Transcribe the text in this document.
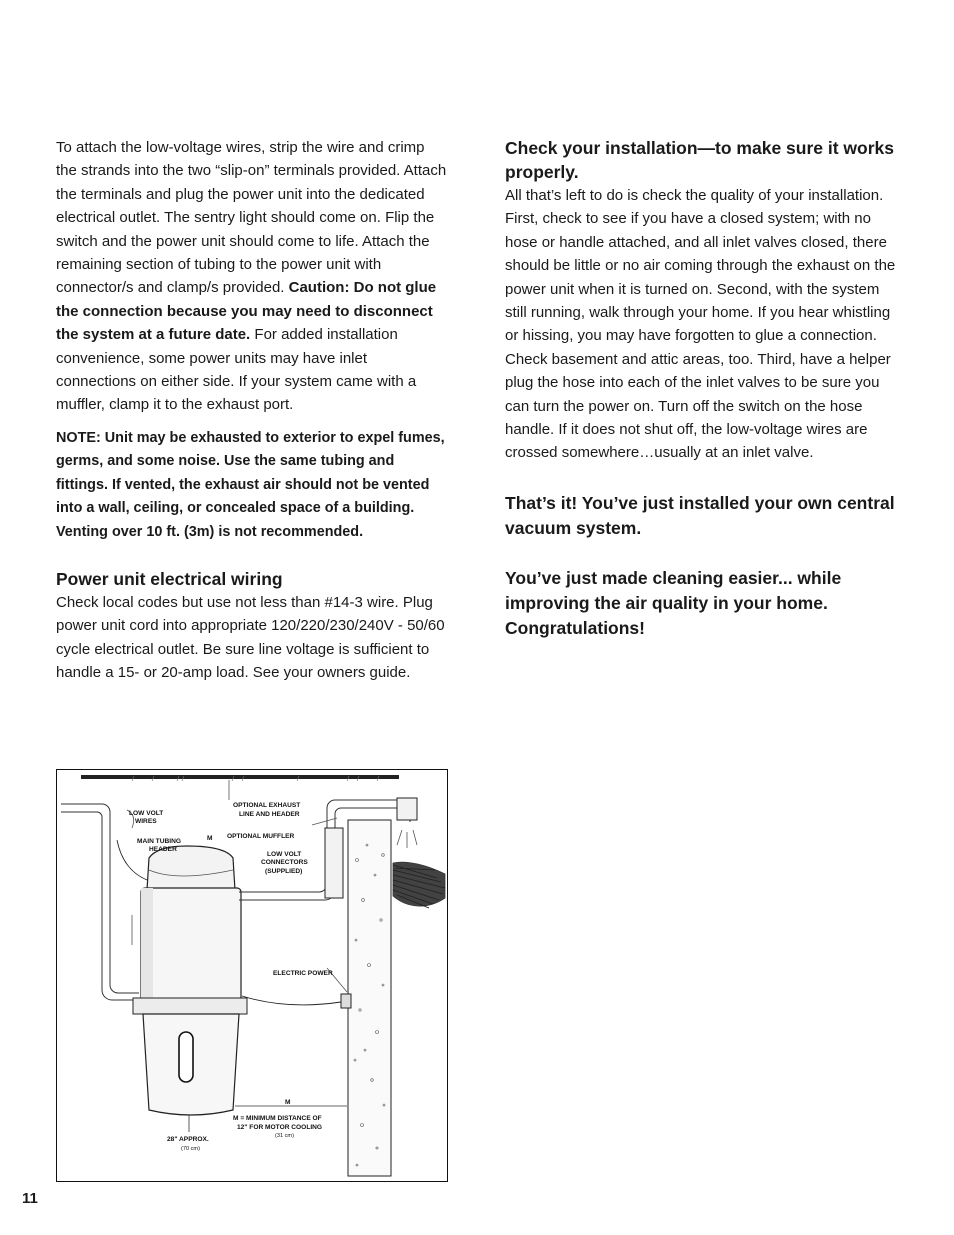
To attach the low-voltage wires, strip the wire and crimp the strands into the two “slip-on” terminals provided. Attach the terminals and plug the power unit into the dedicated electrical outlet. The sentry light should come on. Flip the switch and the power unit should come to life. Attach the remaining section of tubing to the power unit with connector/s and clamp/s provided. Caution: Do not glue the connection because you may need to disconnect the system at a future date. For added installation convenience, some power units may have inlet connections on either side. If your system came with a muffler, clamp it to the exhaust port.

NOTE: Unit may be exhausted to exterior to expel fumes, germs, and some noise. Use the same tubing and fittings. If vented, the exhaust air should not be vented into a wall, ceiling, or concealed space of a building. Venting over 10 ft. (3m) is not recommended.

Power unit electrical wiring

Check local codes but use not less than #14-3 wire. Plug power unit cord into appropriate 120/220/230/240V - 50/60 cycle electrical outlet. Be sure line voltage is sufficient to handle a 15- or 20-amp load. See your owners guide.

Check your installation—to make sure it works properly.

All that’s left to do is check the quality of your installation. First, check to see if you have a closed system; with no hose or handle attached, and all inlet valves closed, there should be little or no air coming through the exhaust on the power unit when it is turned on. Second, with the system still running, walk through your home. If you hear whistling or hissing, you may have forgotten to glue a connection. Check basement and attic areas, too. Third, have a helper plug the hose into each of the inlet valves to be sure you can turn the power on. Turn off the switch on the hose handle. If it does not shut off, the low-voltage wires are crossed somewhere…usually at an inlet valve.

That’s it! You’ve just installed your own central vacuum system.

You’ve just made cleaning easier... while improving the air quality in your home. Congratulations!

LOW VOLT
WIRES
MAIN TUBING
HEADER
M
OPTIONAL EXHAUST
LINE AND HEADER
OPTIONAL MUFFLER
LOW VOLT
CONNECTORS
(SUPPLIED)
ELECTRIC POWER
M
M = MINIMUM DISTANCE OF
12" FOR MOTOR COOLING
(31 cm)
28" APPROX.
(70 cm)
11
